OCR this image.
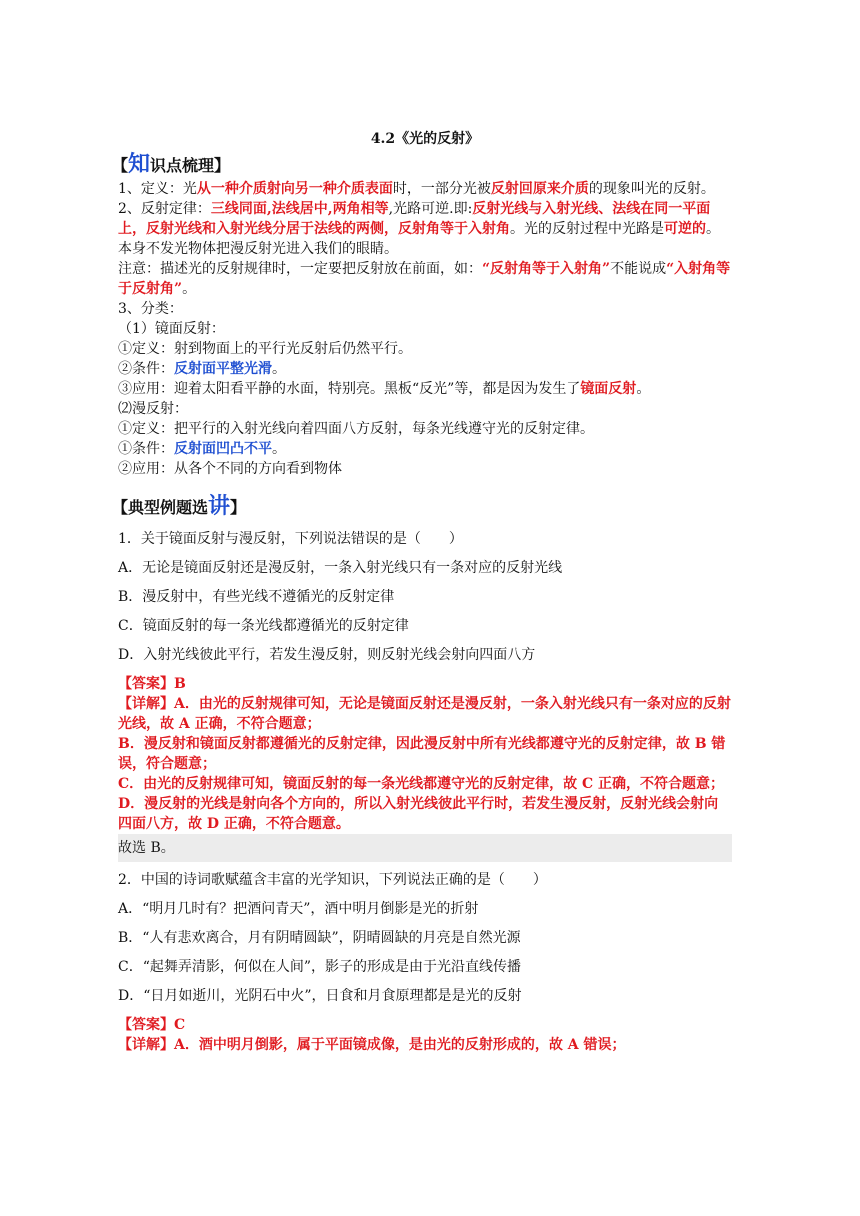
4.2《光的反射》
【知识点梳理】

1、定义：光从一种介质射向另一种介质表面时，一部分光被反射回原来介质的现象叫光的反射。

2、反射定律：三线同面,法线居中,两角相等,光路可逆.即:反射光线与入射光线、法线在同一平面上，反射光线和入射光线分居于法线的两侧，反射角等于入射角。光的反射过程中光路是可逆的。本身不发光物体把漫反射光进入我们的眼睛。

注意：描述光的反射规律时，一定要把反射放在前面，如：“反射角等于入射角”不能说成“入射角等于反射角”。

3、分类：

（1）镜面反射：

①定义：射到物面上的平行光反射后仍然平行。

②条件：反射面平整光滑。

③应用：迎着太阳看平静的水面，特别亮。黑板“反光”等，都是因为发生了镜面反射。

⑵漫反射：

①定义：把平行的入射光线向着四面八方反射，每条光线遵守光的反射定律。

①条件：反射面凹凸不平。

②应用：从各个不同的方向看到物体

【典型例题选讲】

1．关于镜面反射与漫反射，下列说法错误的是（　　）

A．无论是镜面反射还是漫反射，一条入射光线只有一条对应的反射光线

B．漫反射中，有些光线不遵循光的反射定律

C．镜面反射的每一条光线都遵循光的反射定律

D．入射光线彼此平行，若发生漫反射，则反射光线会射向四面八方

【答案】B

【详解】A．由光的反射规律可知，无论是镜面反射还是漫反射，一条入射光线只有一条对应的反射光线，故 A 正确，不符合题意；

B．漫反射和镜面反射都遵循光的反射定律，因此漫反射中所有光线都遵守光的反射定律，故 B 错误，符合题意；

C．由光的反射规律可知，镜面反射的每一条光线都遵守光的反射定律，故 C 正确，不符合题意；

D．漫反射的光线是射向各个方向的，所以入射光线彼此平行时，若发生漫反射，反射光线会射向四面八方，故 D 正确，不符合题意。

故选 B。

2．中国的诗词歌赋蕴含丰富的光学知识，下列说法正确的是（　　）

A．“明月几时有？把酒问青天”，酒中明月倒影是光的折射

B．“人有悲欢离合，月有阴晴圆缺”，阴晴圆缺的月亮是自然光源

C．“起舞弄清影，何似在人间”，影子的形成是由于光沿直线传播

D．“日月如逝川，光阴石中火”，日食和月食原理都是是光的反射

【答案】C

【详解】A．酒中明月倒影，属于平面镜成像，是由光的反射形成的，故 A 错误；
